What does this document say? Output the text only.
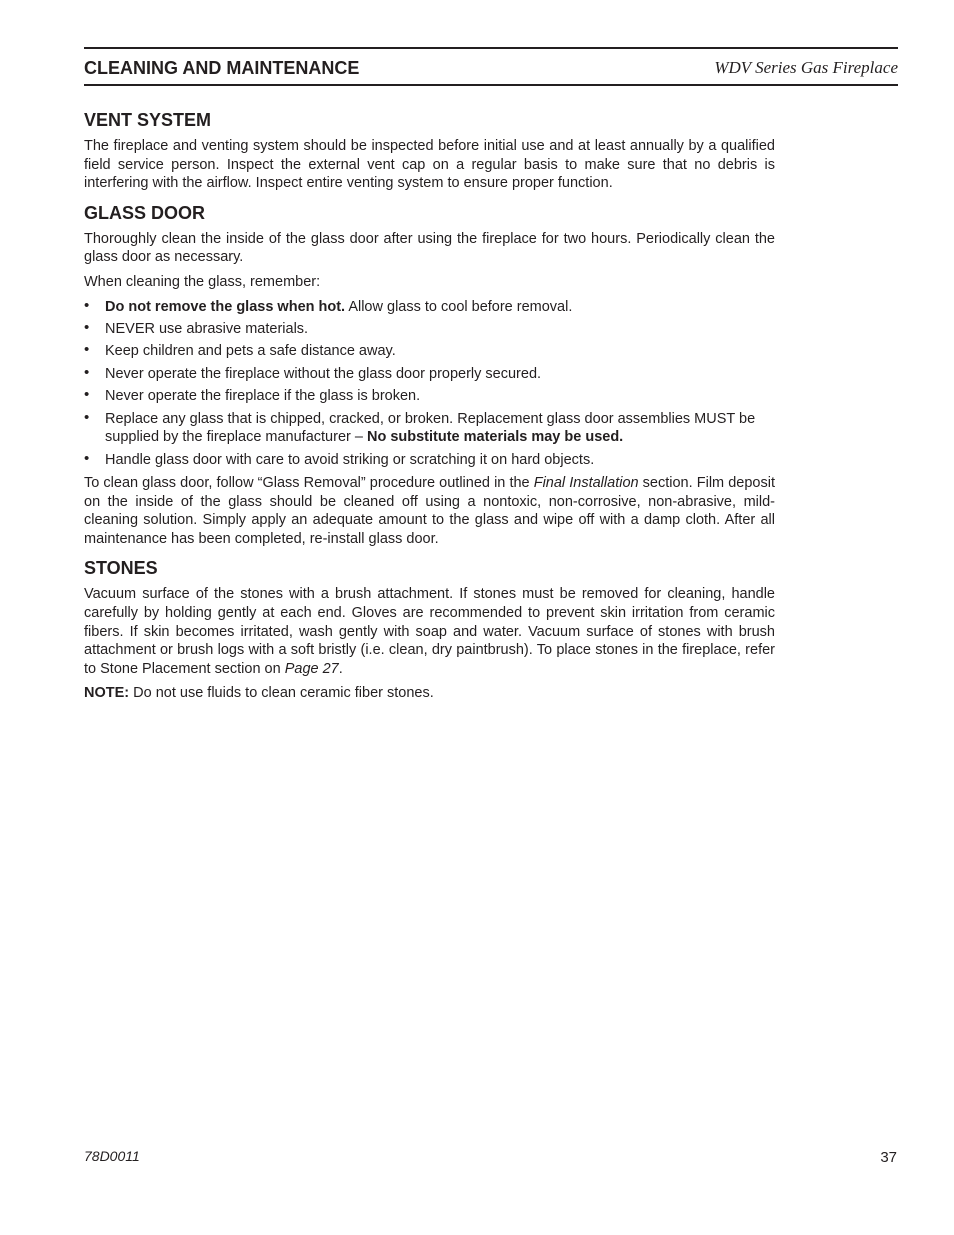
CLEANING AND MAINTENANCE	WDV Series Gas Fireplace
VENT SYSTEM

The fireplace and venting system should be inspected before initial use and at least annually by a qualified field service person. Inspect the external vent cap on a regular basis to make sure that no debris is interfering with the airflow. Inspect entire venting system to ensure proper function.

GLASS DOOR

Thoroughly clean the inside of the glass door after using the fireplace for two hours. Periodically clean the glass door as necessary.

When cleaning the glass, remember:

• Do not remove the glass when hot. Allow glass to cool before removal.
• NEVER use abrasive materials.
• Keep children and pets a safe distance away.
• Never operate the fireplace without the glass door properly secured.
• Never operate the fireplace if the glass is broken.
• Replace any glass that is chipped, cracked, or broken. Replacement glass door assemblies MUST be supplied by the fireplace manufacturer – No substitute materials may be used.
• Handle glass door with care to avoid striking or scratching it on hard objects.

To clean glass door, follow “Glass Removal” procedure outlined in the Final Installation section. Film deposit on the inside of the glass should be cleaned off using a nontoxic, non-corrosive, non-abrasive, mild-cleaning solution. Simply apply an adequate amount to the glass and wipe off with a damp cloth. After all maintenance has been completed, re-install glass door.

STONES

Vacuum surface of the stones with a brush attachment. If stones must be removed for cleaning, handle carefully by holding gently at each end. Gloves are recommended to prevent skin irritation from ceramic fibers. If skin becomes irritated, wash gently with soap and water. Vacuum surface of stones with brush attachment or brush logs with a soft bristly (i.e. clean, dry paintbrush). To place stones in the fireplace, refer to Stone Placement section on Page 27.

NOTE: Do not use fluids to clean ceramic fiber stones.

78D0011	37
